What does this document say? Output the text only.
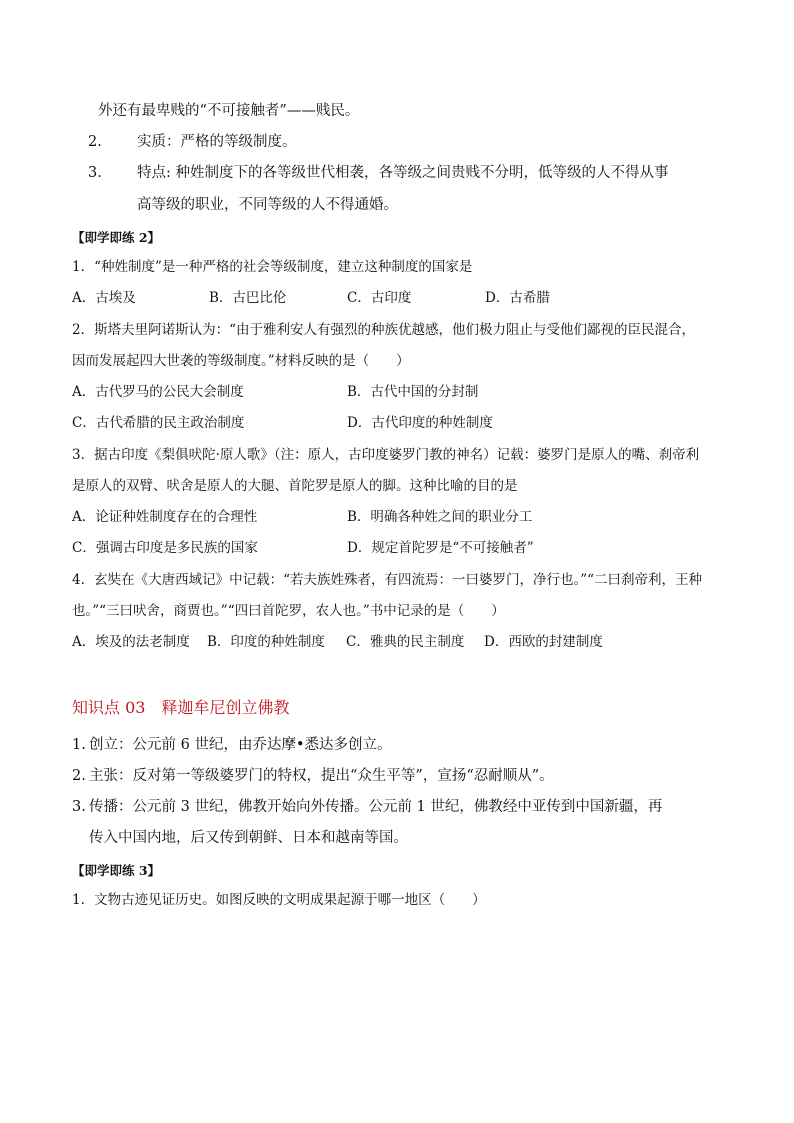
外还有最卑贱的“不可接触者”——贱民。
2. 实质：严格的等级制度。
3. 特点: 种姓制度下的各等级世代相袭，各等级之间贵贱不分明，低等级的人不得从事
高等级的职业，不同等级的人不得通婚。
【即学即练 2】
1．“种姓制度”是一种严格的社会等级制度，建立这种制度的国家是
A．古埃及	B．古巴比伦	C．古印度	D．古希腊
2．斯塔夫里阿诺斯认为：“由于雅利安人有强烈的种族优越感，他们极力阻止与受他们鄙视的臣民混合，
因而发展起四大世袭的等级制度。”材料反映的是（　　）
A．古代罗马的公民大会制度	B．古代中国的分封制
C．古代希腊的民主政治制度	D．古代印度的种姓制度
3．据古印度《梨俱吠陀·原人歌》（注：原人，古印度婆罗门教的神名）记载：婆罗门是原人的嘴、刹帝利
是原人的双臂、吠舍是原人的大腿、首陀罗是原人的脚。这种比喻的目的是
A．论证种姓制度存在的合理性	B．明确各种姓之间的职业分工
C．强调古印度是多民族的国家	D．规定首陀罗是“不可接触者”
4．玄奘在《大唐西域记》中记载：“若夫族姓殊者，有四流焉：一曰婆罗门，净行也。”“二曰刹帝利，王种
也。”“三曰吠舍，商贾也。”“四曰首陀罗，农人也。”书中记录的是（　　）
A．埃及的法老制度 B．印度的种姓制度 C．雅典的民主制度 D．西欧的封建制度
知识点 03 释迦牟尼创立佛教
1. 创立：公元前 6 世纪，由乔达摩•悉达多创立。
2. 主张：反对第一等级婆罗门的特权，提出“众生平等”，宣扬“忍耐顺从”。
3. 传播：公元前 3 世纪，佛教开始向外传播。公元前 1 世纪，佛教经中亚传到中国新疆，再
传入中国内地，后又传到朝鲜、日本和越南等国。
【即学即练 3】
1．文物古迹见证历史。如图反映的文明成果起源于哪一地区（　　）
